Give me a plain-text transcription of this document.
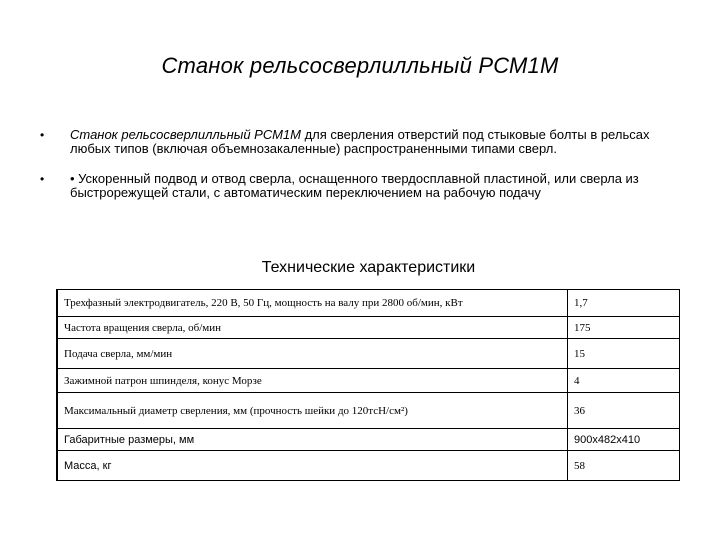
Станок рельсосверлилльный РСМ1М
• Станок рельсосверлилльный РСМ1М для сверления отверстий под стыковые болты в рельсах любых типов (включая объемнозакаленные) распространенными типами сверл.
• • Ускоренный подвод и отвод сверла, оснащенного твердосплавной пластиной, или сверла из быстрорежущей стали, с автоматическим переключением на рабочую подачу
Технические характеристики
Трехфазный электродвигатель, 220 В, 50 Гц, мощность на валу при 2800 об/мин, кВт	1,7
Частота вращения сверла, об/мин	175
Подача сверла, мм/мин	15
Зажимной патрон шпинделя, конус Морзе	4
Максимальный диаметр сверления, мм (прочность шейки до 120тсН/см²)	36
Габаритные размеры, мм	900x482x410
Масса, кг	58
